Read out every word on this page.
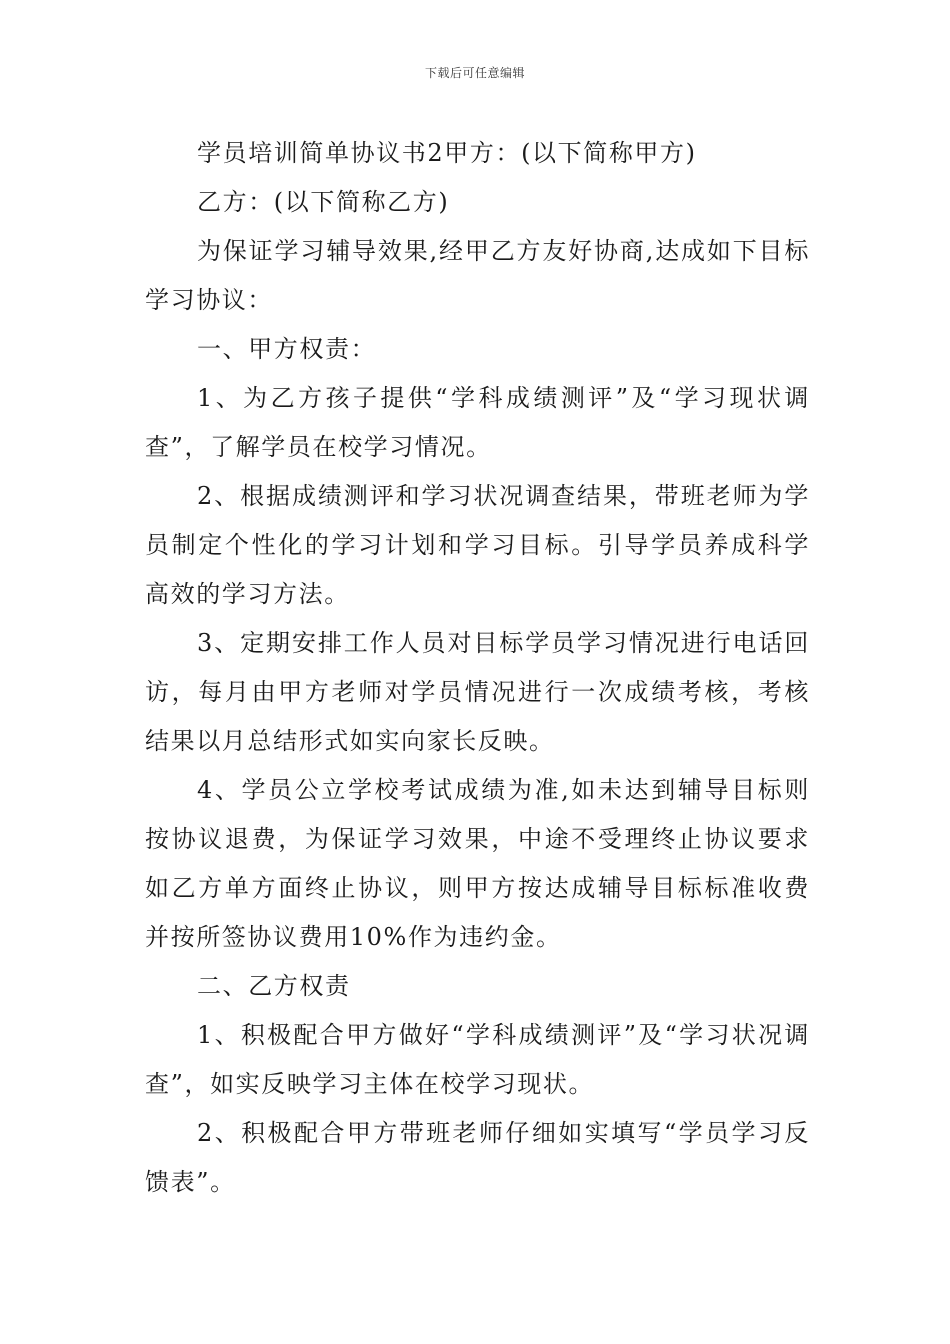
下载后可任意编辑

学员培训简单协议书2甲方：(以下简称甲方)

乙方：(以下简称乙方)

为保证学习辅导效果,经甲乙方友好协商,达成如下目标学习协议：

一、甲方权责：

1、为乙方孩子提供“学科成绩测评”及“学习现状调查”，了解学员在校学习情况。

2、根据成绩测评和学习状况调查结果，带班老师为学员制定个性化的学习计划和学习目标。引导学员养成科学高效的学习方法。

3、定期安排工作人员对目标学员学习情况进行电话回访，每月由甲方老师对学员情况进行一次成绩考核，考核结果以月总结形式如实向家长反映。

4、学员公立学校考试成绩为准,如未达到辅导目标则按协议退费，为保证学习效果，中途不受理终止协议要求如乙方单方面终止协议，则甲方按达成辅导目标标准收费并按所签协议费用10%作为违约金。

二、乙方权责

1、积极配合甲方做好“学科成绩测评”及“学习状况调查”，如实反映学习主体在校学习现状。

2、积极配合甲方带班老师仔细如实填写“学员学习反馈表”。
